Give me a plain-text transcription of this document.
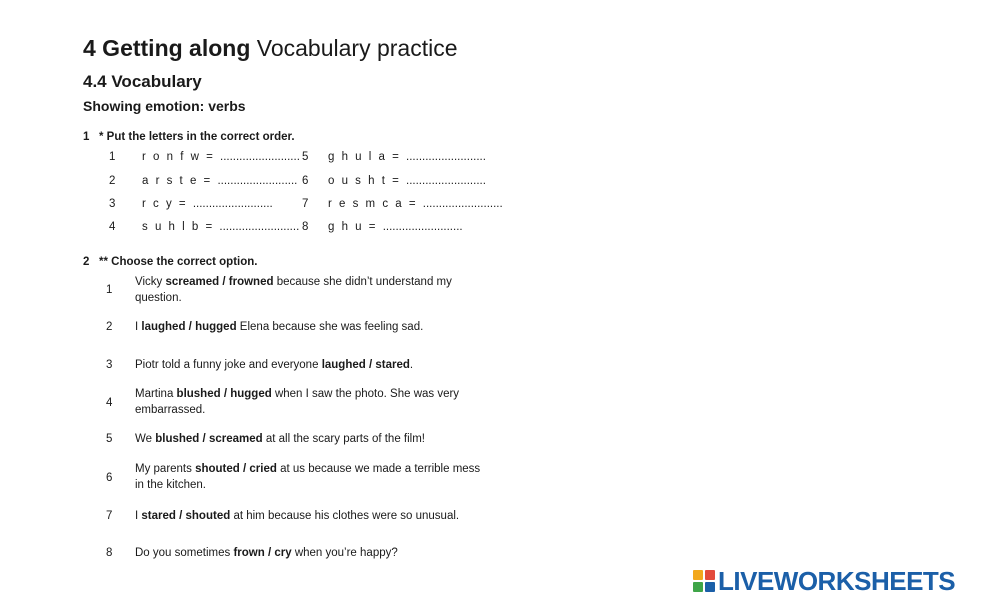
4 Getting along Vocabulary practice
4.4 Vocabulary
Showing emotion: verbs
1 * Put the letters in the correct order.
1 r o n f w = .........................
2 a r s t e = .........................
3 r c y = .........................
4 s u h l b = .........................
5 g h u l a = .........................
6 o u s h t = .........................
7 r e s m c a = .........................
8 g h u = .........................
2 ** Choose the correct option.
1
Vicky screamed / frowned because she didn’t understand my question.
2 I laughed / hugged Elena because she was feeling sad.
3 Piotr told a funny joke and everyone laughed / stared.
4
Martina blushed / hugged when I saw the photo. She was very embarrassed.
5 We blushed / screamed at all the scary parts of the film!
6
My parents shouted / cried at us because we made a terrible mess in the kitchen.
7 I stared / shouted at him because his clothes were so unusual.
8 Do you sometimes frown / cry when you’re happy?
LIVEWORKSHEETS
